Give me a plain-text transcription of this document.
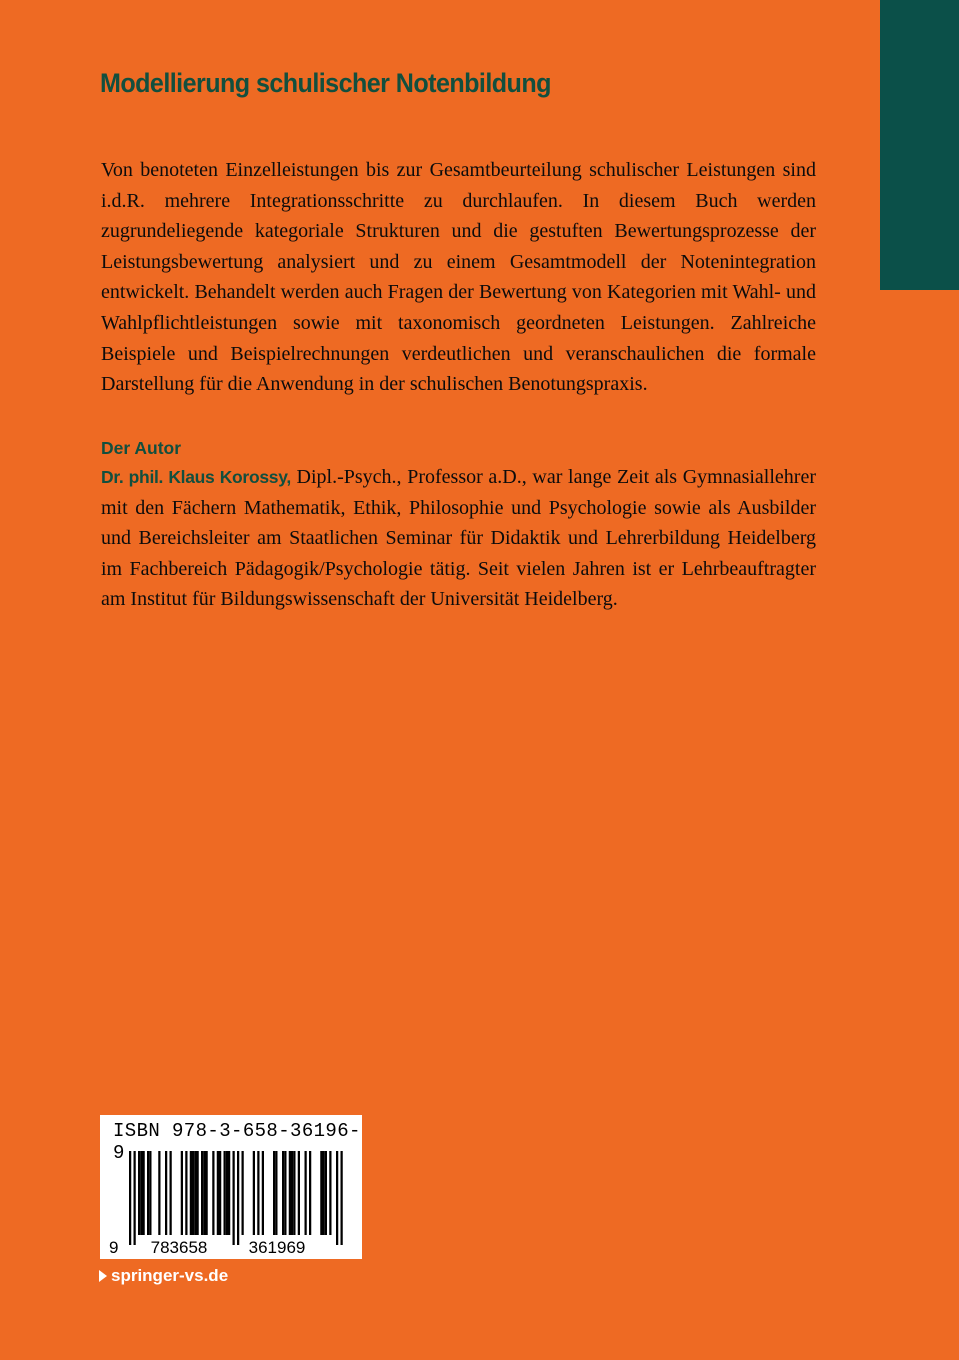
Modellierung schulischer Notenbildung
Von benoteten Einzelleistungen bis zur Gesamtbeurteilung schulischer Leistungen sind i.d.R. mehrere Integrationsschritte zu durchlaufen. In diesem Buch werden zugrundeliegende kategoriale Strukturen und die gestuften Bewertungsprozesse der Leistungsbewertung analysiert und zu einem Gesamtmodell der Notenintegration entwickelt. Behandelt werden auch Fragen der Bewertung von Kategorien mit Wahl- und Wahlpflichtleistungen sowie mit taxonomisch geordneten Leistungen. Zahlreiche Beispiele und Beispielrechnungen verdeutlichen und veranschaulichen die formale Darstellung für die Anwendung in der schulischen Benotungspraxis.
Der Autor
Dr. phil. Klaus Korossy, Dipl.-Psych., Professor a.D., war lange Zeit als Gymnasiallehrer mit den Fächern Mathematik, Ethik, Philosophie und Psychologie sowie als Ausbilder und Bereichsleiter am Staatlichen Seminar für Didaktik und Lehrerbildung Heidelberg im Fachbereich Pädagogik/Psychologie tätig. Seit vielen Jahren ist er Lehrbeauftragter am Institut für Bildungswissenschaft der Universität Heidelberg.
ISBN 978-3-658-36196-9
9 783658 361969
springer-vs.de
